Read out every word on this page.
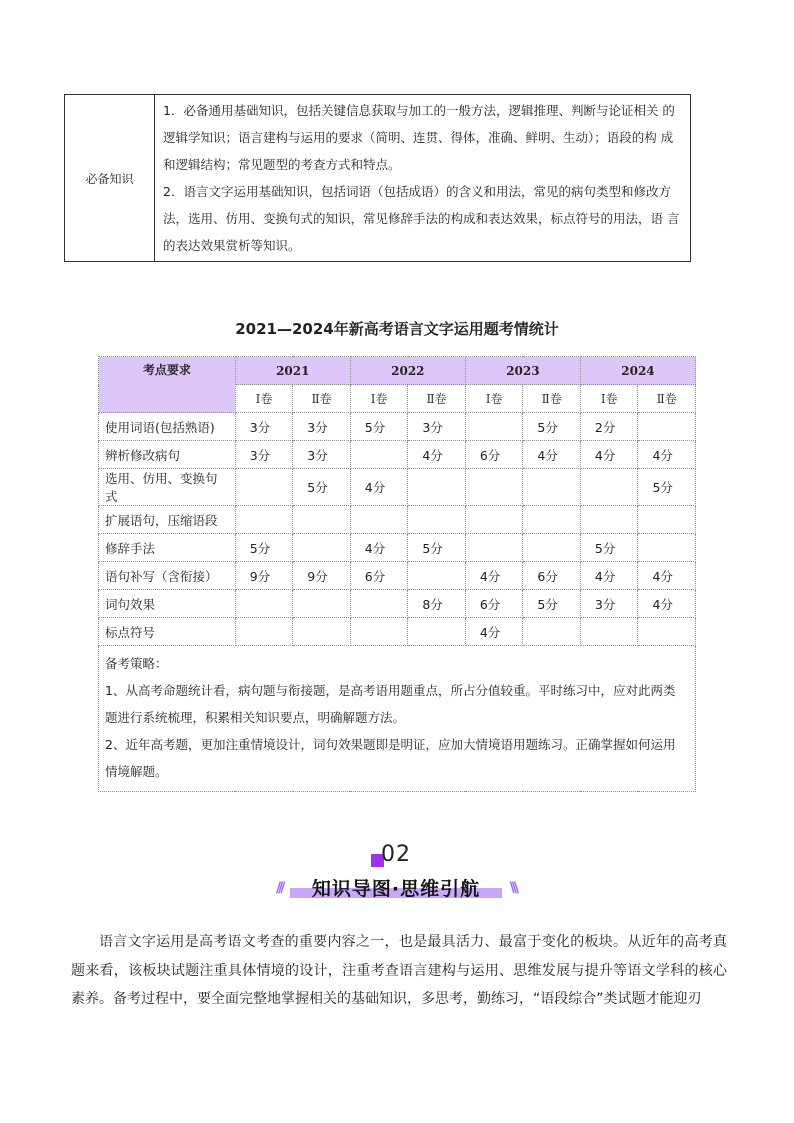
必备知识	

1．必备通用基础知识，包括关键信息获取与加工的一般方法，逻辑推理、判断与论证相关 的逻辑学知识；语言建构与运用的要求（简明、连贯、得体，准确、鲜明、生动）；语段的构 成和逻辑结构；常见题型的考查方式和特点。

2．语言文字运用基础知识，包括词语（包括成语）的含义和用法，常见的病句类型和修改方 法，选用、仿用、变换句式的知识，常见修辞手法的构成和表达效果，标点符号的用法，语 言的表达效果赏析等知识。

2021—2024年新高考语言文字运用题考情统计
考点要求	2021		2022		2023		2024	
	Ⅰ卷	Ⅱ卷	Ⅰ卷	Ⅱ卷	Ⅰ卷	Ⅱ卷	Ⅰ卷	Ⅱ卷
使用词语(包括熟语)	3分	3分	5分	3分		5分	2分	
辨析修改病句	3分	3分		4分	6分	4分	4分	4分
选用、仿用、变换句式		5分	4分					5分
扩展语句，压缩语段								
修辞手法	5分		4分	5分			5分	
语句补写（含衔接）	9分	9分	6分		4分	6分	4分	4分
词句效果				8分	6分	5分	3分	4分
标点符号					4分			

备考策略：

1、从高考命题统计看，病句题与衔接题，是高考语用题重点，所占分值较重。平时练习中，应对此两类题进行系统梳理，积累相关知识要点，明确解题方法。

2、近年高考题，更加注重情境设计，词句效果题即是明证，应加大情境语用题练习。正确掌握如何运用情境解题。								

02
///	知识导图·思维引航	\\\

语言文字运用是高考语文考查的重要内容之一，也是最具活力、最富于变化的板块。从近年的高考真题来看，该板块试题注重具体情境的设计，注重考查语言建构与运用、思维发展与提升等语文学科的核心素养。备考过程中，要全面完整地掌握相关的基础知识，多思考，勤练习，“语段综合”类试题才能迎刃
